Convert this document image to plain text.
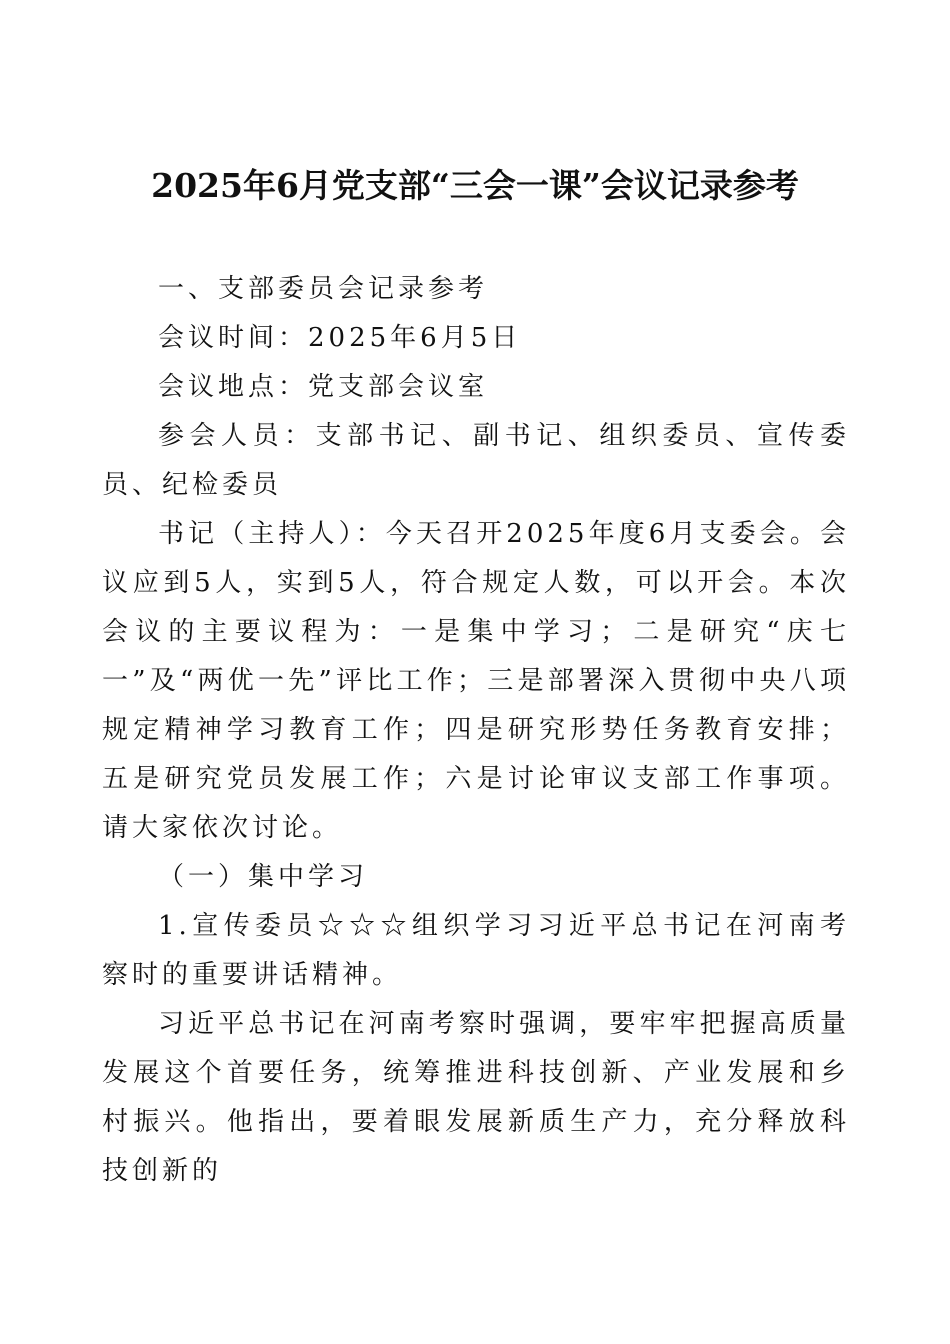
2025年6月党支部“三会一课”会议记录参考

一、支部委员会记录参考

会议时间：2025年6月5日

会议地点：党支部会议室

参会人员：支部书记、副书记、组织委员、宣传委员、纪检委员

书记（主持人）：今天召开2025年度6月支委会。会议应到5人，实到5人，符合规定人数，可以开会。本次会议的主要议程为：一是集中学习；二是研究“庆七一”及“两优一先”评比工作；三是部署深入贯彻中央八项规定精神学习教育工作；四是研究形势任务教育安排；五是研究党员发展工作；六是讨论审议支部工作事项。请大家依次讨论。

（一）集中学习

1.宣传委员☆☆☆组织学习习近平总书记在河南考察时的重要讲话精神。

习近平总书记在河南考察时强调，要牢牢把握高质量发展这个首要任务，统筹推进科技创新、产业发展和乡村振兴。他指出，要着眼发展新质生产力，充分释放科技创新的
